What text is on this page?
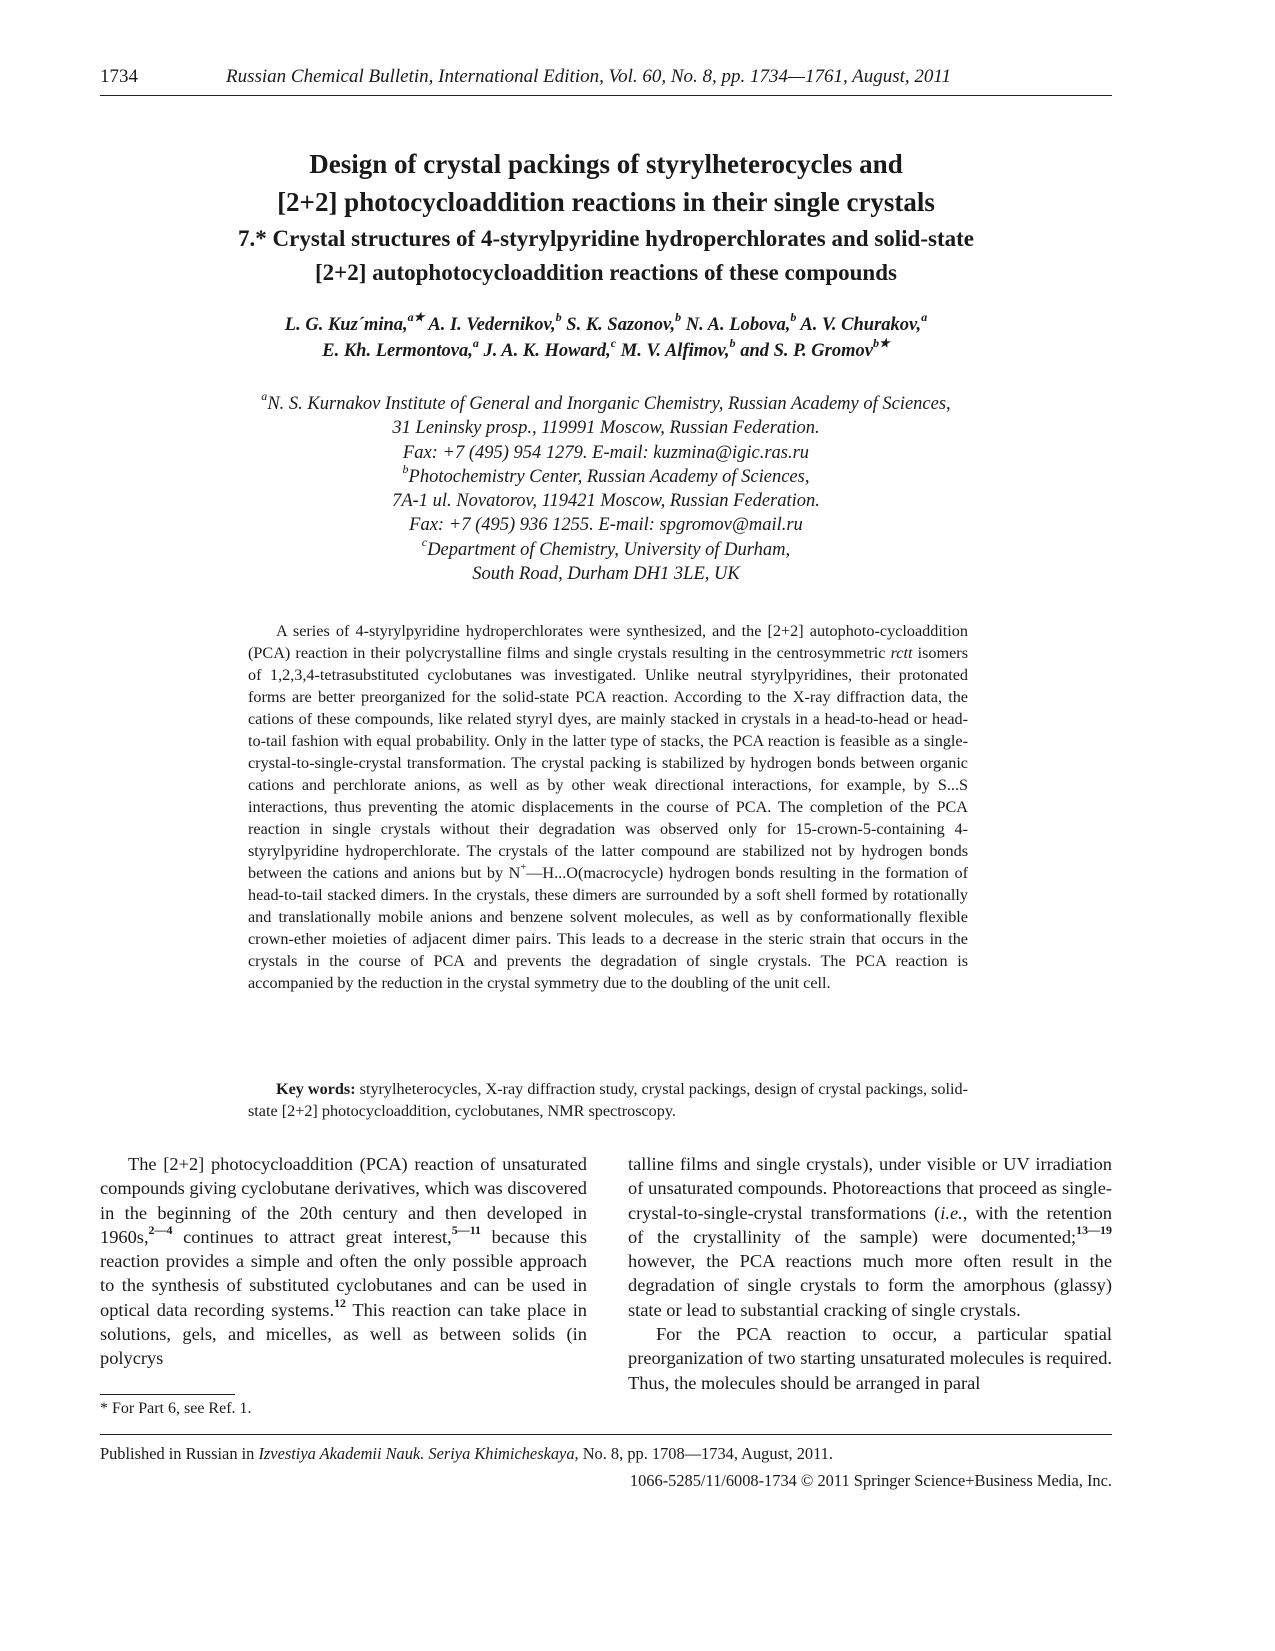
1734	Russian Chemical Bulletin, International Edition, Vol. 60, No. 8, pp. 1734—1761, August, 2011
Design of crystal packings of styrylheterocycles and
[2+2] photocycloaddition reactions in their single crystals
7.* Crystal structures of 4-styrylpyridine hydroperchlorates and solid-state
[2+2] autophotocycloaddition reactions of these compounds
L. G. Kuz´mina,$^{a★}$ A. I. Vedernikov,$^b$ S. K. Sazonov,$^b$ N. A. Lobova,$^b$ A. V. Churakov,$^a$
E. Kh. Lermontova,$^a$ J. A. K. Howard,$^c$ M. V. Alfimov,$^b$ and S. P. Gromov$^{b★}$
$^a$N. S. Kurnakov Institute of General and Inorganic Chemistry, Russian Academy of Sciences,
31 Leninsky prosp., 119991 Moscow, Russian Federation.
Fax: +7 (495) 954 1279. E-mail: kuzmina@igic.ras.ru
$^b$Photochemistry Center, Russian Academy of Sciences,
7A-1 ul. Novatorov, 119421 Moscow, Russian Federation.
Fax: +7 (495) 936 1255. E-mail: spgromov@mail.ru
$^c$Department of Chemistry, University of Durham,
South Road, Durham DH1 3LE, UK

A series of 4-styrylpyridine hydroperchlorates were synthesized, and the [2+2] autophoto-cycloaddition (PCA) reaction in their polycrystalline films and single crystals resulting in the centrosymmetric rctt isomers of 1,2,3,4-tetrasubstituted cyclobutanes was investigated. Unlike neutral styrylpyridines, their protonated forms are better preorganized for the solid-state PCA reaction. According to the X-ray diffraction data, the cations of these compounds, like related styryl dyes, are mainly stacked in crystals in a head-to-head or head-to-tail fashion with equal probability. Only in the latter type of stacks, the PCA reaction is feasible as a single-crystal-to-single-crystal transformation. The crystal packing is stabilized by hydrogen bonds between organic cations and perchlorate anions, as well as by other weak directional interactions, for example, by S...S interactions, thus preventing the atomic displacements in the course of PCA. The completion of the PCA reaction in single crystals without their degradation was observed only for 15-crown-5-containing 4-styrylpyridine hydroperchlorate. The crystals of the latter compound are stabilized not by hydrogen bonds between the cations and anions but by N+—H...O(macrocycle) hydrogen bonds resulting in the formation of head-to-tail stacked dimers. In the crystals, these dimers are surrounded by a soft shell formed by rotationally and translationally mobile anions and benzene solvent molecules, as well as by conformationally flexible crown-ether moieties of adjacent dimer pairs. This leads to a decrease in the steric strain that occurs in the crystals in the course of PCA and prevents the degradation of single crystals. The PCA reaction is accompanied by the reduction in the crystal symmetry due to the doubling of the unit cell.

Key words: styrylheterocycles, X-ray diffraction study, crystal packings, design of crystal packings, solid-state [2+2] photocycloaddition, cyclobutanes, NMR spectroscopy.

The [2+2] photocycloaddition (PCA) reaction of unsaturated compounds giving cyclobutane derivatives, which was discovered in the beginning of the 20th century and then developed in 1960s,$^{2—4}$ continues to attract great interest,$^{5—11}$ because this reaction provides a simple and often the only possible approach to the synthesis of substituted cyclobutanes and can be used in optical data recording systems.$^{12}$ This reaction can take place in solutions, gels, and micelles, as well as between solids (in polycrys

talline films and single crystals), under visible or UV irradiation of unsaturated compounds. Photoreactions that proceed as single-crystal-to-single-crystal transformations (i.e., with the retention of the crystallinity of the sample) were documented;$^{13—19}$ however, the PCA reactions much more often result in the degradation of single crystals to form the amorphous (glassy) state or lead to substantial cracking of single crystals.

For the PCA reaction to occur, a particular spatial preorganization of two starting unsaturated molecules is required. Thus, the molecules should be arranged in paral

* For Part 6, see Ref. 1.
Published in Russian in Izvestiya Akademii Nauk. Seriya Khimicheskaya, No. 8, pp. 1708—1734, August, 2011.
1066-5285/11/6008-1734 © 2011 Springer Science+Business Media, Inc.
